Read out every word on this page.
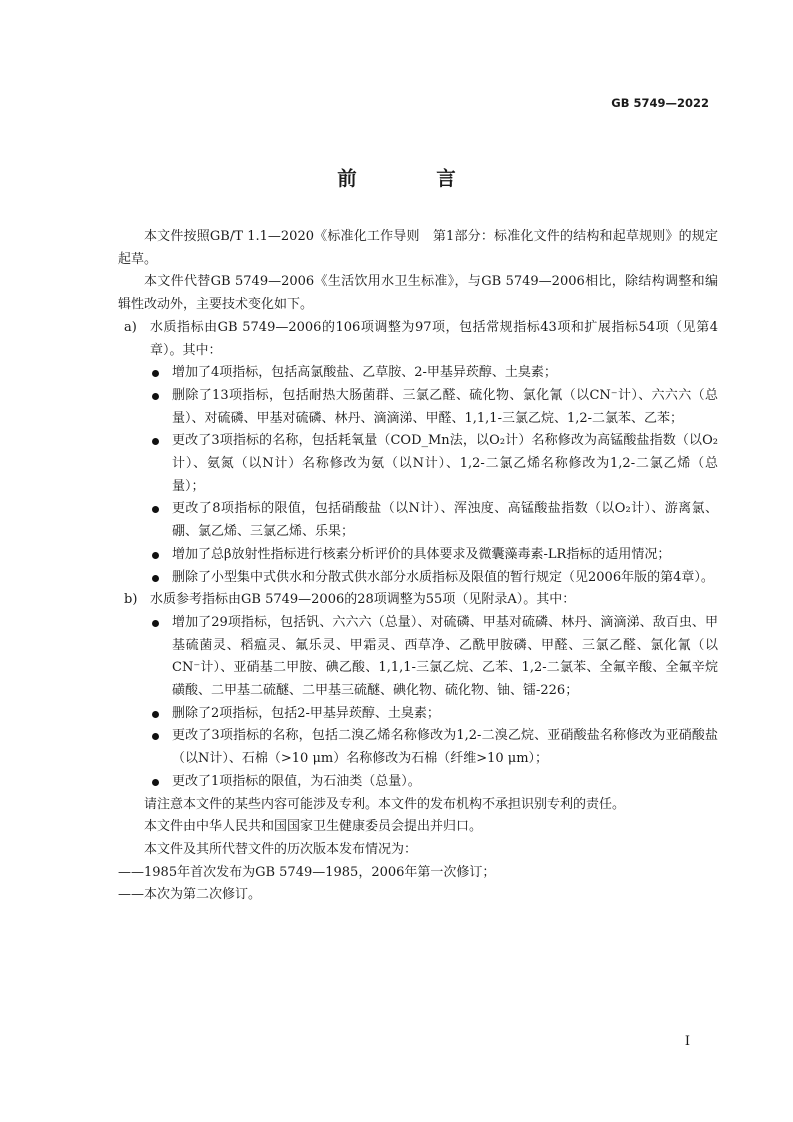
GB 5749—2022
前　言

本文件按照GB/T 1.1—2020《标准化工作导则　第1部分：标准化文件的结构和起草规则》的规定起草。

本文件代替GB 5749—2006《生活饮用水卫生标准》，与GB 5749—2006相比，除结构调整和编辑性改动外，主要技术变化如下。

a)	水质指标由GB 5749—2006的106项调整为97项，包括常规指标43项和扩展指标54项（见第4章）。其中：
增加了4项指标，包括高氯酸盐、乙草胺、2-甲基异莰醇、土臭素；
删除了13项指标，包括耐热大肠菌群、三氯乙醛、硫化物、氯化氰（以CN⁻计）、六六六（总量）、对硫磷、甲基对硫磷、林丹、滴滴涕、甲醛、1,1,1-三氯乙烷、1,2-二氯苯、乙苯；
更改了3项指标的名称，包括耗氧量（COD_Mn法，以O₂计）名称修改为高锰酸盐指数（以O₂计）、氨氮（以N计）名称修改为氨（以N计）、1,2-二氯乙烯名称修改为1,2-二氯乙烯（总量）；
更改了8项指标的限值，包括硝酸盐（以N计）、浑浊度、高锰酸盐指数（以O₂计）、游离氯、硼、氯乙烯、三氯乙烯、乐果；
增加了总β放射性指标进行核素分析评价的具体要求及微囊藻毒素-LR指标的适用情况；
删除了小型集中式供水和分散式供水部分水质指标及限值的暂行规定（见2006年版的第4章）。
b) 水质参考指标由GB 5749—2006的28项调整为55项（见附录A）。其中：
增加了29项指标，包括钒、六六六（总量）、对硫磷、甲基对硫磷、林丹、滴滴涕、敌百虫、甲基硫菌灵、稻瘟灵、氟乐灵、甲霜灵、西草净、乙酰甲胺磷、甲醛、三氯乙醛、氯化氰（以CN⁻计）、亚硝基二甲胺、碘乙酸、1,1,1-三氯乙烷、乙苯、1,2-二氯苯、全氟辛酸、全氟辛烷磺酸、二甲基二硫醚、二甲基三硫醚、碘化物、硫化物、铀、镭-226；
删除了2项指标，包括2-甲基异莰醇、土臭素；
更改了3项指标的名称，包括二溴乙烯名称修改为1,2-二溴乙烷、亚硝酸盐名称修改为亚硝酸盐（以N计）、石棉（>10 μm）名称修改为石棉（纤维>10 μm）；
更改了1项指标的限值，为石油类（总量）。

请注意本文件的某些内容可能涉及专利。本文件的发布机构不承担识别专利的责任。

本文件由中华人民共和国国家卫生健康委员会提出并归口。

本文件及其所代替文件的历次版本发布情况为：

——1985年首次发布为GB 5749—1985，2006年第一次修订；

——本次为第二次修订。

I
